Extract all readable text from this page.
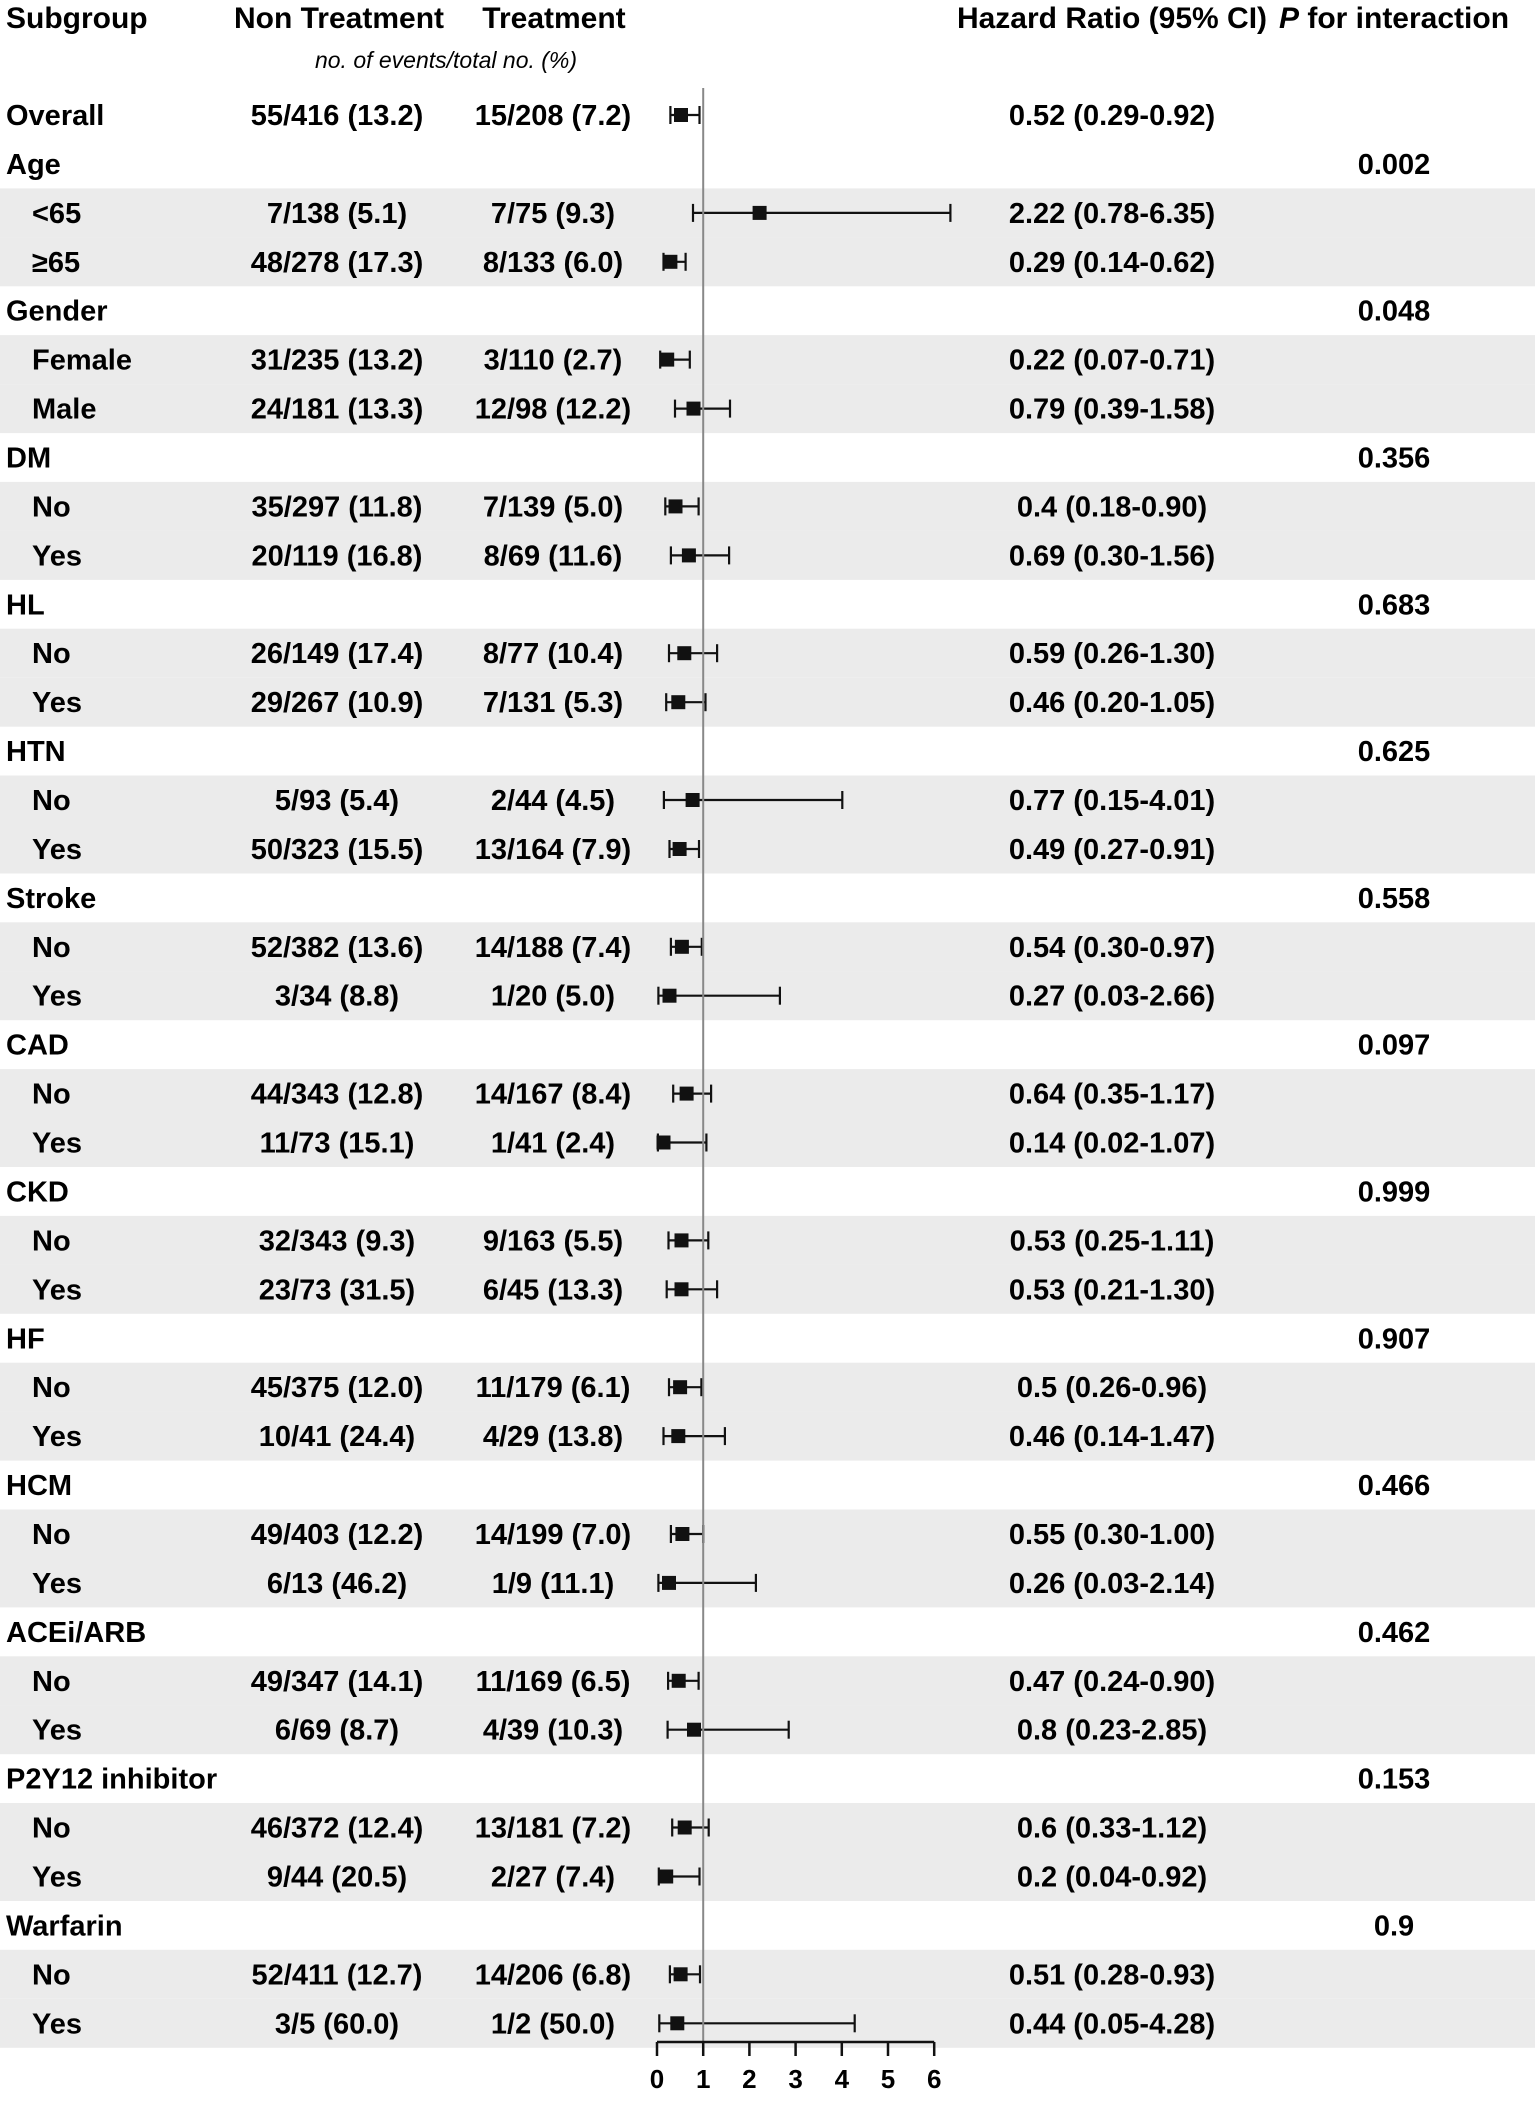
Subgroup	Non Treatment Treatment	Hazard Ratio (95% CI) P for interaction
no. of events/total no. (%)
Overall	55/416 (13.2) 15/208 (7.2)	0.52 (0.29-0.92)
Age	0.002
<65	7/138 (5.1)	7/75 (9.3)	2.22 (0.78-6.35)
≥65	48/278 (17.3) 8/133 (6.0)	0.29 (0.14-0.62)
Gender	0.048
Female	31/235 (13.2) 3/110 (2.7)	0.22 (0.07-0.71)
Male	24/181 (13.3) 12/98 (12.2)	0.79 (0.39-1.58)
DM	0.356
No	35/297 (11.8) 7/139 (5.0)	0.4 (0.18-0.90)
Yes	20/119 (16.8) 8/69 (11.6)	0.69 (0.30-1.56)
HL	0.683
No	26/149 (17.4) 8/77 (10.4)	0.59 (0.26-1.30)
Yes	29/267 (10.9) 7/131 (5.3)	0.46 (0.20-1.05)
HTN	0.625
No	5/93 (5.4)	2/44 (4.5)	0.77 (0.15-4.01)
Yes	50/323 (15.5) 13/164 (7.9)	0.49 (0.27-0.91)
Stroke	0.558
No	52/382 (13.6) 14/188 (7.4)	0.54 (0.30-0.97)
Yes	3/34 (8.8)	1/20 (5.0)	0.27 (0.03-2.66)
CAD	0.097
No	44/343 (12.8) 14/167 (8.4)	0.64 (0.35-1.17)
Yes	11/73 (15.1)	1/41 (2.4)	0.14 (0.02-1.07)
CKD	0.999
No	32/343 (9.3) 9/163 (5.5)	0.53 (0.25-1.11)
Yes	23/73 (31.5) 6/45 (13.3)	0.53 (0.21-1.30)
HF	0.907
No	45/375 (12.0) 11/179 (6.1)	0.5 (0.26-0.96)
Yes	10/41 (24.4) 4/29 (13.8)	0.46 (0.14-1.47)
HCM	0.466
No	49/403 (12.2) 14/199 (7.0)	0.55 (0.30-1.00)
Yes	6/13 (46.2)	1/9 (11.1)	0.26 (0.03-2.14)
ACEi/ARB	0.462
No	49/347 (14.1) 11/169 (6.5)	0.47 (0.24-0.90)
Yes	6/69 (8.7)	4/39 (10.3)	0.8 (0.23-2.85)
P2Y12 inhibitor	0.153
No	46/372 (12.4) 13/181 (7.2)	0.6 (0.33-1.12)
Yes	9/44 (20.5)	2/27 (7.4)	0.2 (0.04-0.92)
Warfarin	0.9
No	52/411 (12.7) 14/206 (6.8)	0.51 (0.28-0.93)
Yes	3/5 (60.0)	1/2 (50.0)	0.44 (0.05-4.28)
0 1 2 3 4 5 6
